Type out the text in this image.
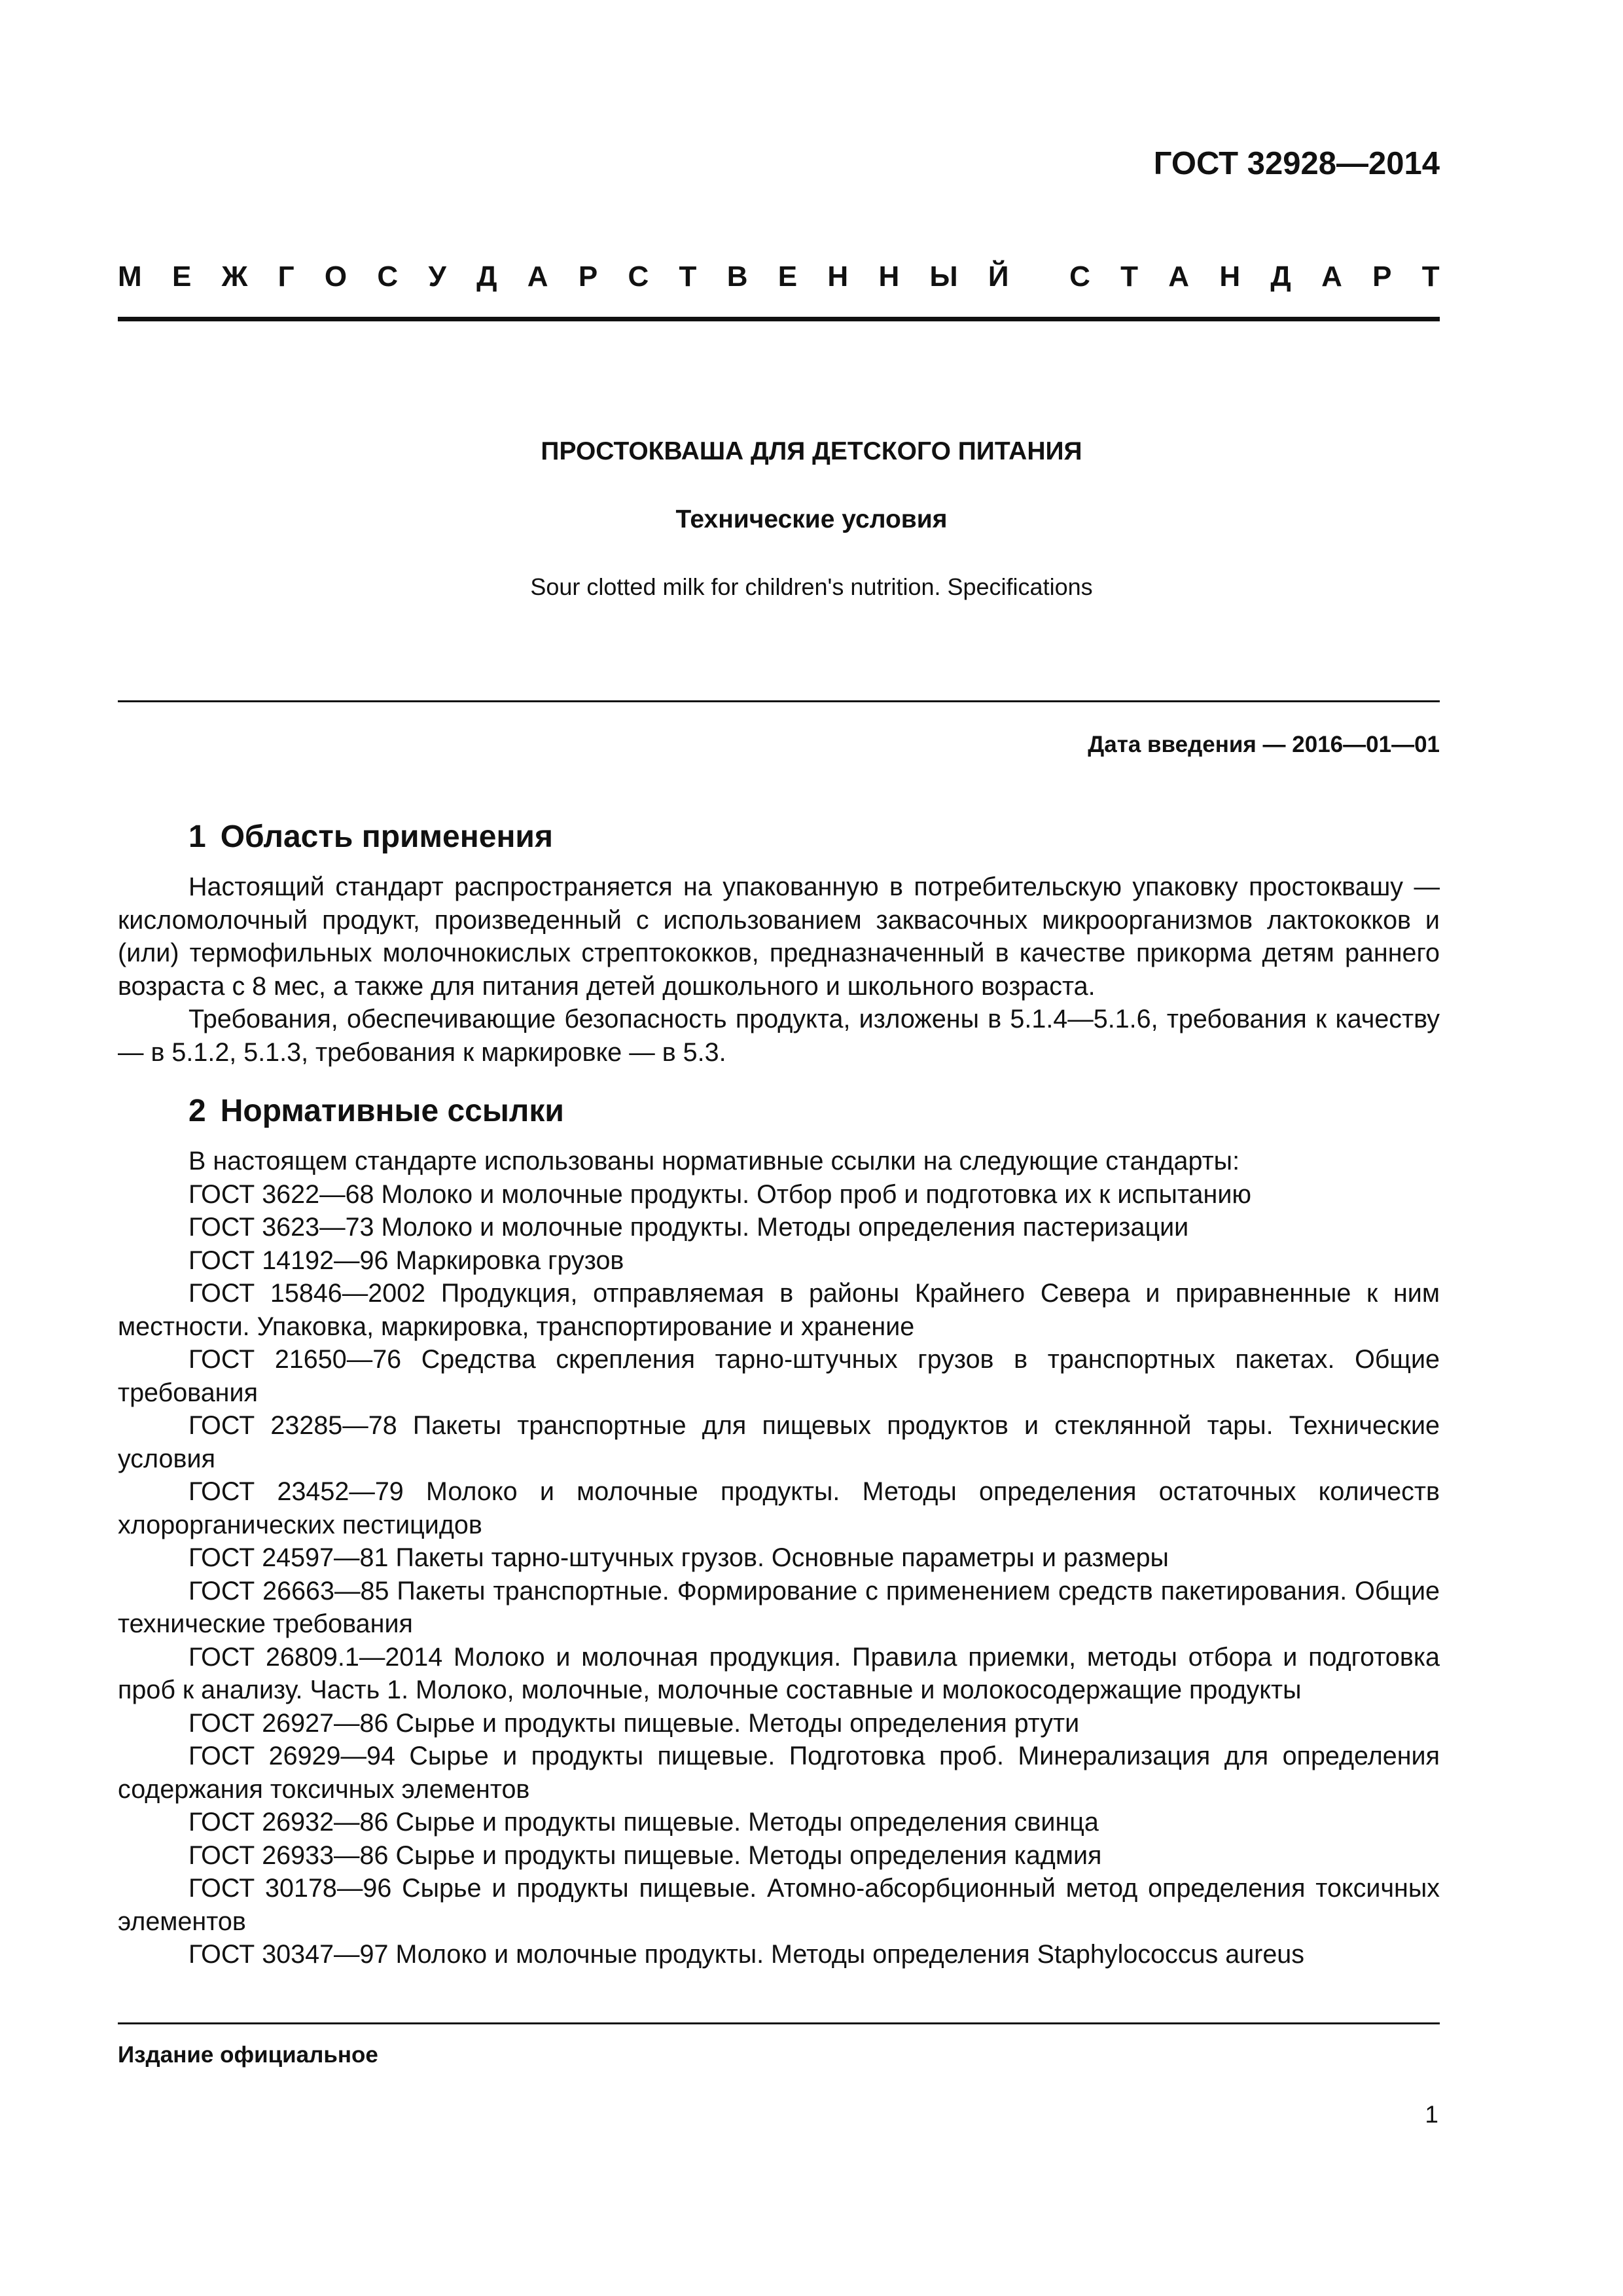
ГОСТ 32928—2014
М Е Ж Г О С У Д А Р С Т В Е Н Н Ы Й С Т А Н Д А Р Т
ПРОСТОКВАША ДЛЯ ДЕТСКОГО ПИТАНИЯ
Технические условия
Sour clotted milk for children's nutrition. Specifications
Дата введения — 2016—01—01
1 Область применения

Настоящий стандарт распространяется на упакованную в потребительскую упаковку простоквашу — кисломолочный продукт, произведенный с использованием заквасочных микроорганизмов лактококков и (или) термофильных молочнокислых стрептококков, предназначенный в качестве прикорма детям раннего возраста с 8 мес, а также для питания детей дошкольного и школьного возраста.

Требования, обеспечивающие безопасность продукта, изложены в 5.1.4—5.1.6, требования к качеству — в 5.1.2, 5.1.3, требования к маркировке — в 5.3.

2 Нормативные ссылки

В настоящем стандарте использованы нормативные ссылки на следующие стандарты:

ГОСТ 3622—68 Молоко и молочные продукты. Отбор проб и подготовка их к испытанию

ГОСТ 3623—73 Молоко и молочные продукты. Методы определения пастеризации

ГОСТ 14192—96 Маркировка грузов

ГОСТ 15846—2002 Продукция, отправляемая в районы Крайнего Севера и приравненные к ним местности. Упаковка, маркировка, транспортирование и хранение

ГОСТ 21650—76 Средства скрепления тарно-штучных грузов в транспортных пакетах. Общие требования

ГОСТ 23285—78 Пакеты транспортные для пищевых продуктов и стеклянной тары. Технические условия

ГОСТ 23452—79 Молоко и молочные продукты. Методы определения остаточных количеств хлорорганических пестицидов

ГОСТ 24597—81 Пакеты тарно-штучных грузов. Основные параметры и размеры

ГОСТ 26663—85 Пакеты транспортные. Формирование с применением средств пакетирования. Общие технические требования

ГОСТ 26809.1—2014 Молоко и молочная продукция. Правила приемки, методы отбора и подготовка проб к анализу. Часть 1. Молоко, молочные, молочные составные и молокосодержащие продукты

ГОСТ 26927—86 Сырье и продукты пищевые. Методы определения ртути

ГОСТ 26929—94 Сырье и продукты пищевые. Подготовка проб. Минерализация для определения содержания токсичных элементов

ГОСТ 26932—86 Сырье и продукты пищевые. Методы определения свинца

ГОСТ 26933—86 Сырье и продукты пищевые. Методы определения кадмия

ГОСТ 30178—96 Сырье и продукты пищевые. Атомно-абсорбционный метод определения токсичных элементов

ГОСТ 30347—97 Молоко и молочные продукты. Методы определения Staphylococcus aureus

Издание официальное
1
